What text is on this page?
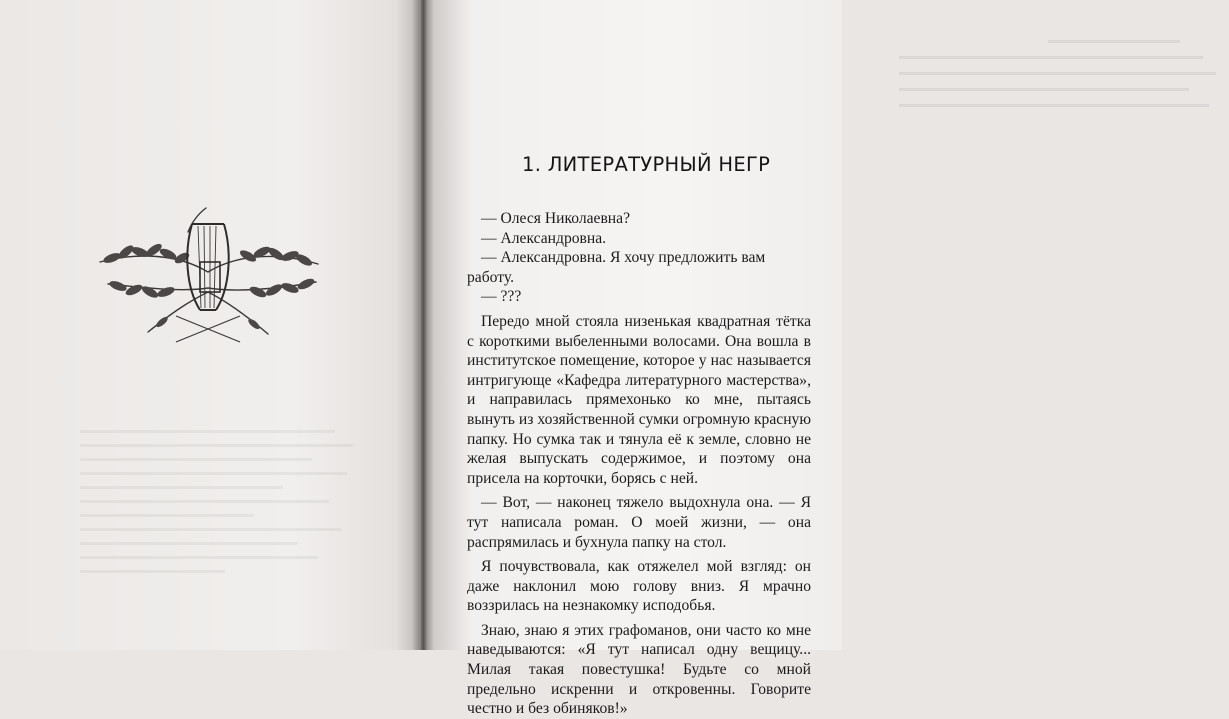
1. ЛИТЕРАТУРНЫЙ НЕГР

— Олеся Николаевна?

— Александровна.

— Александровна. Я хочу предложить вам работу.

— ???

Передо мной стояла низенькая квадратная тётка с короткими выбеленными волосами. Она вошла в институтское помещение, которое у нас называется интригующе «Кафедра литературного мастерства», и направилась прямехонько ко мне, пытаясь вынуть из хозяйственной сумки огромную красную папку. Но сумка так и тянула её к земле, словно не желая выпускать содержимое, и поэтому она присела на корточки, борясь с ней.

— Вот, — наконец тяжело выдохнула она. — Я тут написала роман. О моей жизни, — она распрямилась и бухнула папку на стол.

Я почувствовала, как отяжелел мой взгляд: он даже наклонил мою голову вниз. Я мрачно воззрилась на незнакомку исподобья.

Знаю, знаю я этих графоманов, они часто ко мне наведываются: «Я тут написал одну вещицу... Милая такая повестушка! Будьте со мной предельно искренни и откровенны. Говорите честно и без обиняков!»
